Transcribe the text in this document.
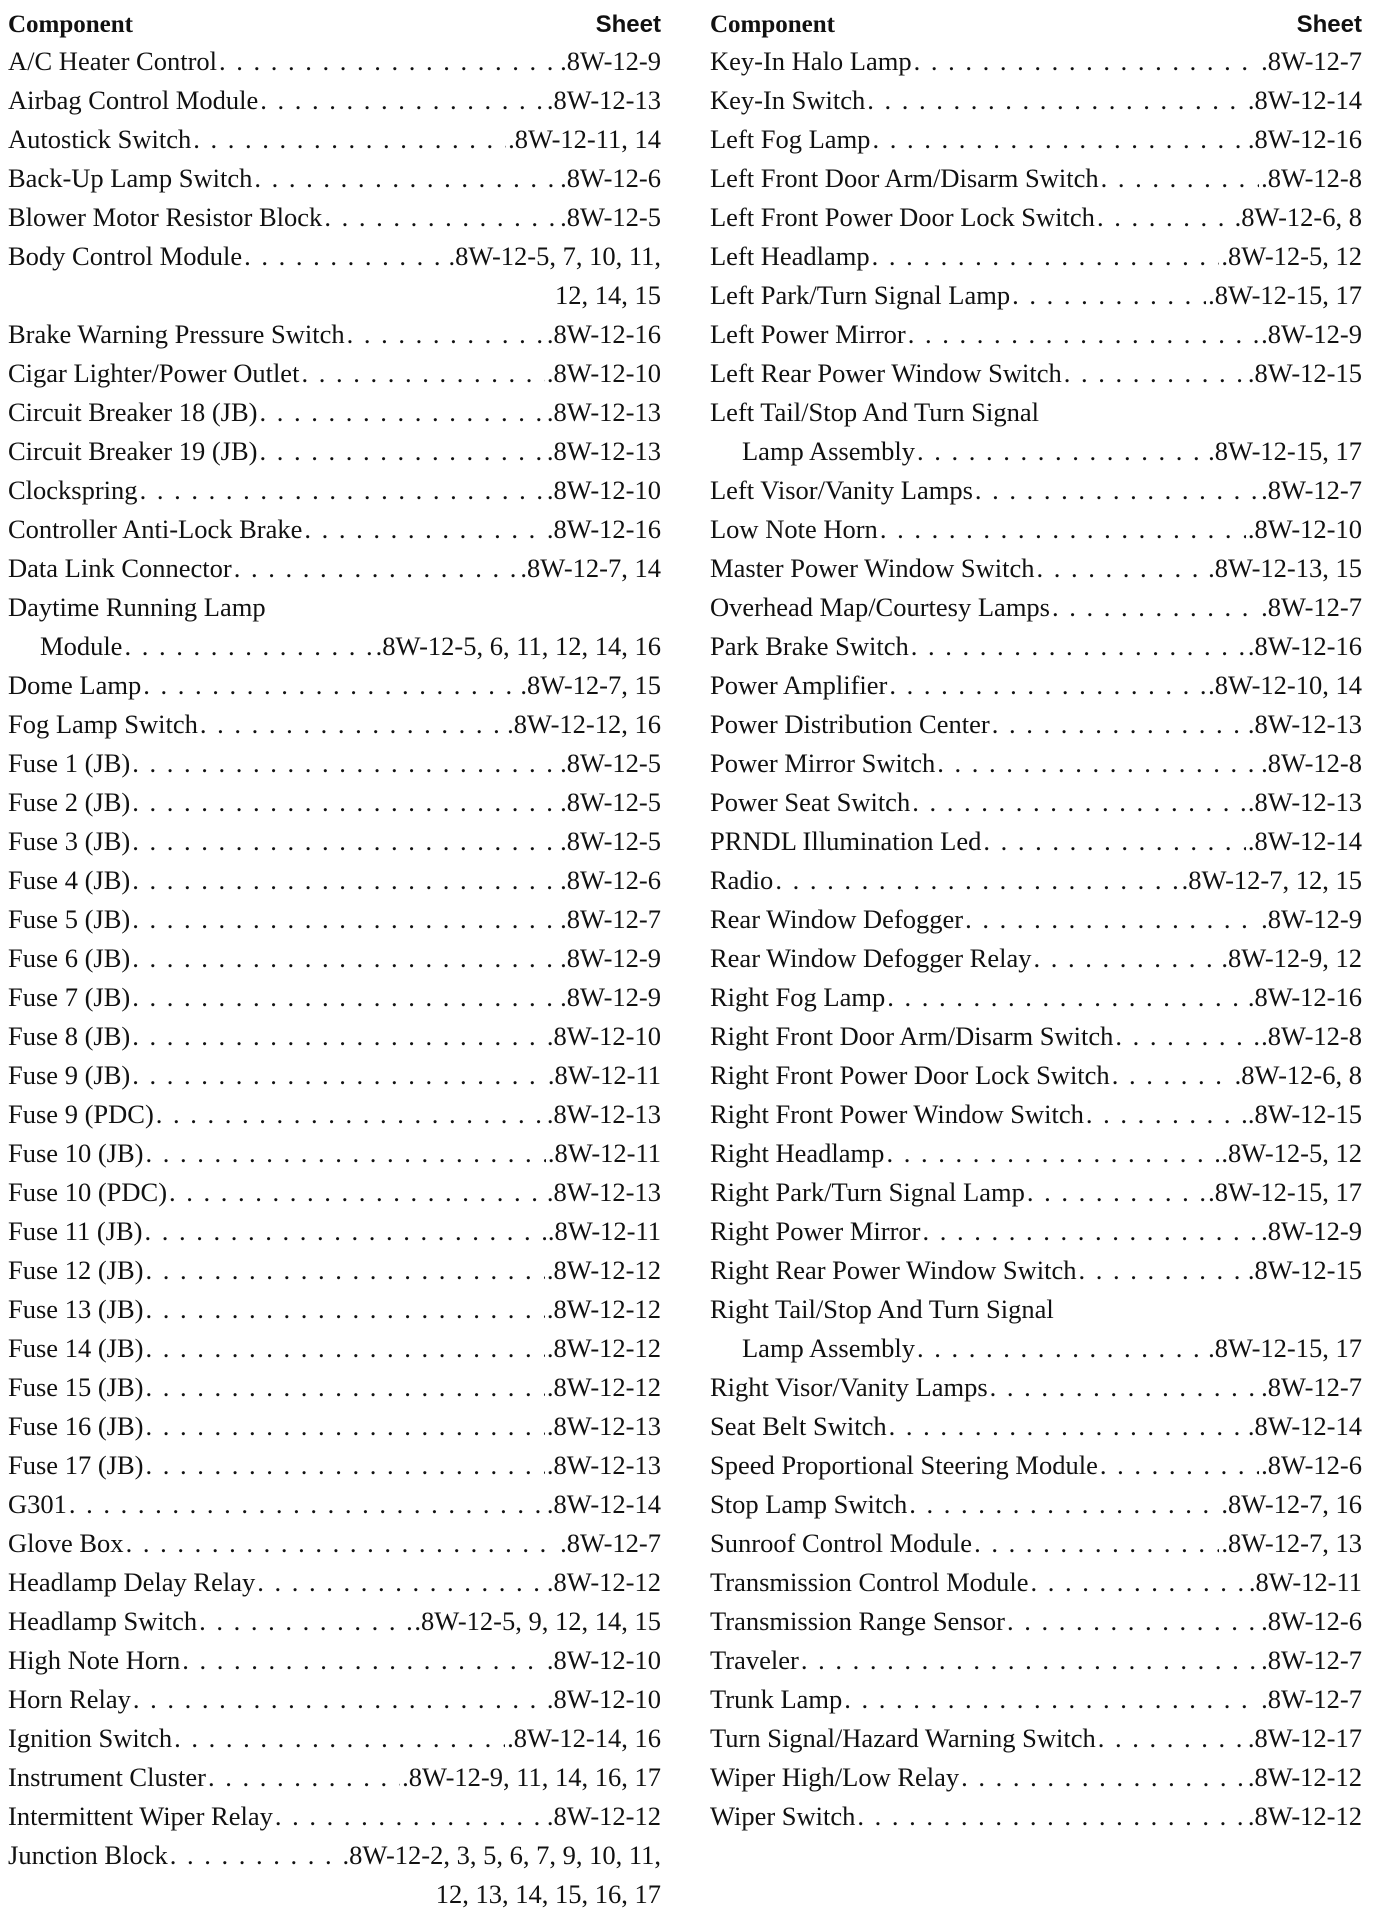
Component	Sheet
A/C Heater Control . . .	.8W-12-9
Airbag Control Module . . .	.8W-12-13
Autostick Switch . . .	.8W-12-11, 14
Back-Up Lamp Switch . . .	.8W-12-6
Blower Motor Resistor Block . . .	.8W-12-5
Body Control Module . . .	.8W-12-5, 7, 10, 11,
12, 14, 15
Brake Warning Pressure Switch . . .	.8W-12-16
Cigar Lighter/Power Outlet . . .	.8W-12-10
Circuit Breaker 18 (JB) . . .	.8W-12-13
Circuit Breaker 19 (JB) . . .	.8W-12-13
Clockspring . . .	.8W-12-10
Controller Anti-Lock Brake . . .	.8W-12-16
Data Link Connector . . .	.8W-12-7, 14
Daytime Running Lamp
Module . . .	.8W-12-5, 6, 11, 12, 14, 16
Dome Lamp . . .	.8W-12-7, 15
Fog Lamp Switch . . .	.8W-12-12, 16
Fuse 1 (JB) . . .	.8W-12-5
Fuse 2 (JB) . . .	.8W-12-5
Fuse 3 (JB) . . .	.8W-12-5
Fuse 4 (JB) . . .	.8W-12-6
Fuse 5 (JB) . . .	.8W-12-7
Fuse 6 (JB) . . .	.8W-12-9
Fuse 7 (JB) . . .	.8W-12-9
Fuse 8 (JB) . . .	.8W-12-10
Fuse 9 (JB) . . .	.8W-12-11
Fuse 9 (PDC) . . .	.8W-12-13
Fuse 10 (JB) . . .	.8W-12-11
Fuse 10 (PDC) . . .	.8W-12-13
Fuse 11 (JB) . . .	.8W-12-11
Fuse 12 (JB) . . .	.8W-12-12
Fuse 13 (JB) . . .	.8W-12-12
Fuse 14 (JB) . . .	.8W-12-12
Fuse 15 (JB) . . .	.8W-12-12
Fuse 16 (JB) . . .	.8W-12-13
Fuse 17 (JB) . . .	.8W-12-13
G301 . . .	.8W-12-14
Glove Box . . .	.8W-12-7
Headlamp Delay Relay . . .	.8W-12-12
Headlamp Switch . . .	.8W-12-5, 9, 12, 14, 15
High Note Horn . . .	.8W-12-10
Horn Relay . . .	.8W-12-10
Ignition Switch . . .	.8W-12-14, 16
Instrument Cluster . . .	.8W-12-9, 11, 14, 16, 17
Intermittent Wiper Relay . . .	.8W-12-12
Junction Block . . .	.8W-12-2, 3, 5, 6, 7, 9, 10, 11,
12, 13, 14, 15, 16, 17
Component	Sheet
Key-In Halo Lamp . . .	.8W-12-7
Key-In Switch . . .	.8W-12-14
Left Fog Lamp . . .	.8W-12-16
Left Front Door Arm/Disarm Switch . . .	.8W-12-8
Left Front Power Door Lock Switch . . .	.8W-12-6, 8
Left Headlamp . . .	.8W-12-5, 12
Left Park/Turn Signal Lamp . . .	.8W-12-15, 17
Left Power Mirror . . .	.8W-12-9
Left Rear Power Window Switch . . .	.8W-12-15
Left Tail/Stop And Turn Signal
Lamp Assembly . . .	.8W-12-15, 17
Left Visor/Vanity Lamps . . .	.8W-12-7
Low Note Horn . . .	.8W-12-10
Master Power Window Switch . . .	.8W-12-13, 15
Overhead Map/Courtesy Lamps . . .	.8W-12-7
Park Brake Switch . . .	.8W-12-16
Power Amplifier . . .	.8W-12-10, 14
Power Distribution Center . . .	.8W-12-13
Power Mirror Switch . . .	.8W-12-8
Power Seat Switch . . .	.8W-12-13
PRNDL Illumination Led . . .	.8W-12-14
Radio . . .	.8W-12-7, 12, 15
Rear Window Defogger . . .	.8W-12-9
Rear Window Defogger Relay . . .	.8W-12-9, 12
Right Fog Lamp . . .	.8W-12-16
Right Front Door Arm/Disarm Switch . . .	.8W-12-8
Right Front Power Door Lock Switch . . .	.8W-12-6, 8
Right Front Power Window Switch . . .	.8W-12-15
Right Headlamp . . .	.8W-12-5, 12
Right Park/Turn Signal Lamp . . .	.8W-12-15, 17
Right Power Mirror . . .	.8W-12-9
Right Rear Power Window Switch . . .	.8W-12-15
Right Tail/Stop And Turn Signal
Lamp Assembly . . .	.8W-12-15, 17
Right Visor/Vanity Lamps . . .	.8W-12-7
Seat Belt Switch . . .	.8W-12-14
Speed Proportional Steering Module . . .	.8W-12-6
Stop Lamp Switch . . .	.8W-12-7, 16
Sunroof Control Module . . .	.8W-12-7, 13
Transmission Control Module . . .	.8W-12-11
Transmission Range Sensor . . .	.8W-12-6
Traveler . . .	.8W-12-7
Trunk Lamp . . .	.8W-12-7
Turn Signal/Hazard Warning Switch . . .	.8W-12-17
Wiper High/Low Relay . . .	.8W-12-12
Wiper Switch . . .	.8W-12-12
